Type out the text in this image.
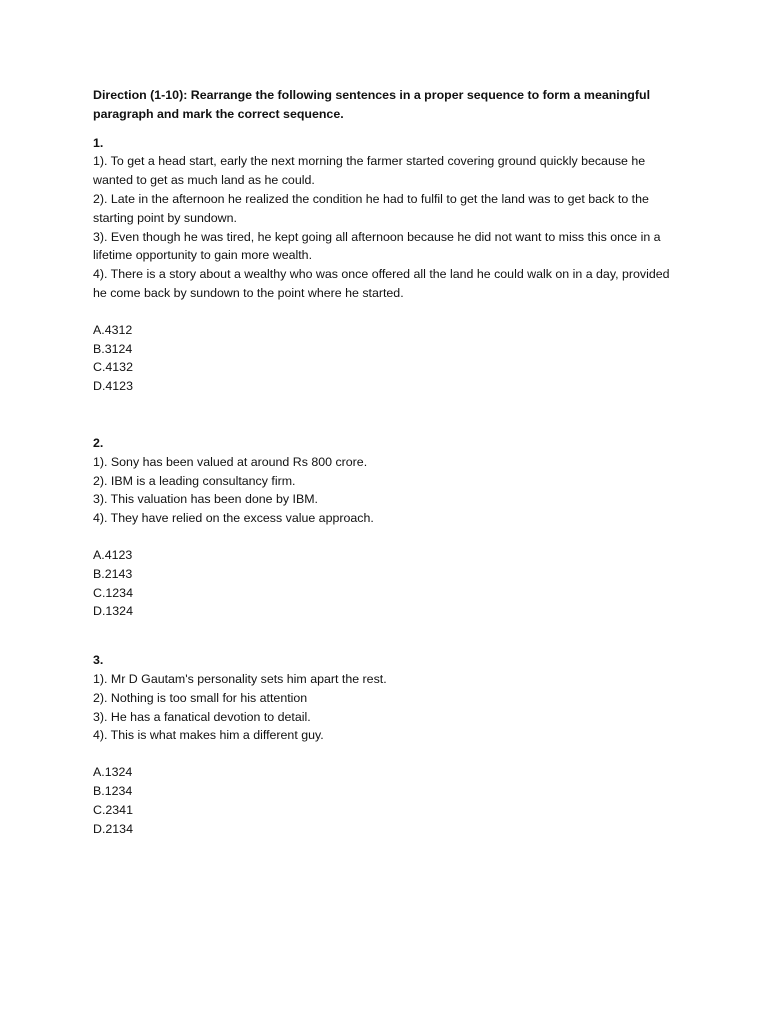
Direction (1-10): Rearrange the following sentences in a proper sequence to form a meaningful paragraph and mark the correct sequence.

1.
1). To get a head start, early the next morning the farmer started covering ground quickly because he wanted to get as much land as he could.
2). Late in the afternoon he realized the condition he had to fulfil to get the land was to get back to the starting point by sundown.
3). Even though he was tired, he kept going all afternoon because he did not want to miss this once in a lifetime opportunity to gain more wealth.
4). There is a story about a wealthy who was once offered all the land he could walk on in a day, provided he come back by sundown to the point where he started.
A.4312
B.3124
C.4132
D.4123
2.
1). Sony has been valued at around Rs 800 crore.
2). IBM is a leading consultancy firm.
3). This valuation has been done by IBM.
4). They have relied on the excess value approach.
A.4123
B.2143
C.1234
D.1324
3.
1). Mr D Gautam's personality sets him apart the rest.
2). Nothing is too small for his attention
3). He has a fanatical devotion to detail.
4). This is what makes him a different guy.
A.1324
B.1234
C.2341
D.2134
